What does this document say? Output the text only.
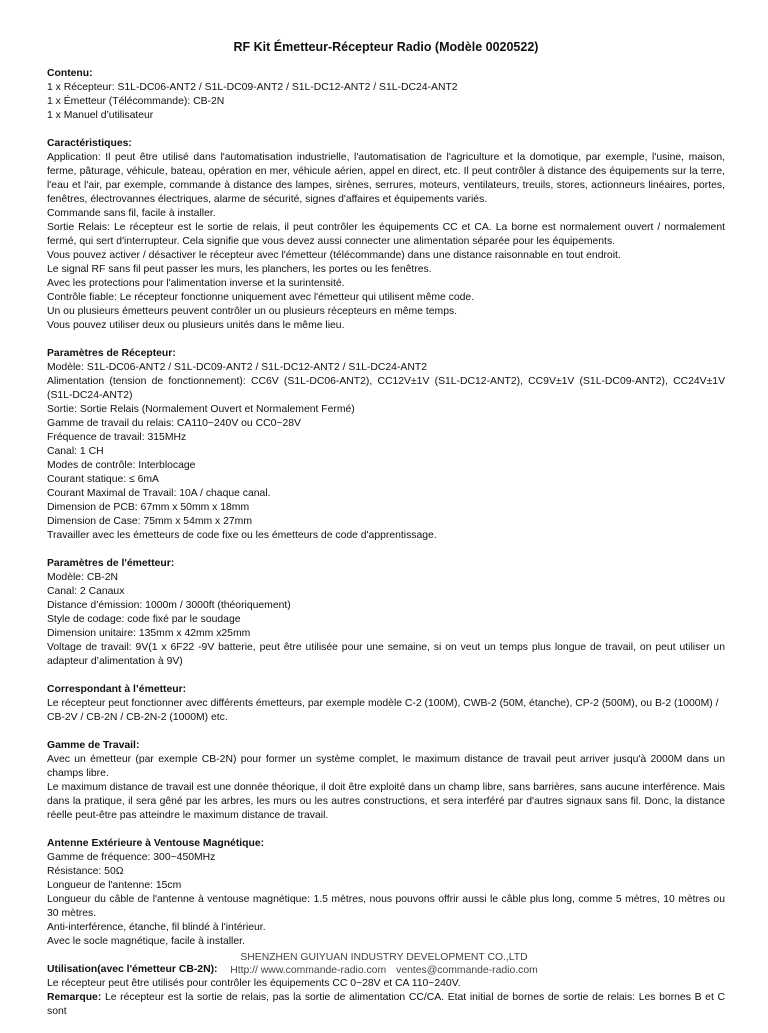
RF Kit Émetteur-Récepteur Radio (Modèle 0020522)
Contenu:
1 x Récepteur: S1L-DC06-ANT2 / S1L-DC09-ANT2 / S1L-DC12-ANT2 / S1L-DC24-ANT2
1 x Émetteur (Télécommande): CB-2N
1 x Manuel d’utilisateur
Caractéristiques:
Application: Il peut être utilisé dans l'automatisation industrielle, l'automatisation de l'agriculture et la domotique, par exemple, l'usine, maison, ferme, pâturage, véhicule, bateau, opération en mer, véhicule aérien, appel en direct, etc. Il peut contrôler à distance des équipements sur la terre, l'eau et l'air, par exemple, commande à distance des lampes, sirènes, serrures, moteurs, ventilateurs, treuils, stores, actionneurs linéaires, portes, fenêtres, électrovannes électriques, alarme de sécurité, signes d'affaires et équipements variés.
Commande sans fil, facile à installer.
Sortie Relais: Le récepteur est le sortie de relais, il peut contrôler les équipements CC et CA. La borne est normalement ouvert / normalement fermé, qui sert d'interrupteur. Cela signifie que vous devez aussi connecter une alimentation séparée pour les équipements.
Vous pouvez activer / désactiver le récepteur avec l'émetteur (télécommande) dans une distance raisonnable en tout endroit.
Le signal RF sans fil peut passer les murs, les planchers, les portes ou les fenêtres.
Avec les protections pour l'alimentation inverse et la surintensité.
Contrôle fiable: Le récepteur fonctionne uniquement avec l'émetteur qui utilisent même code.
Un ou plusieurs émetteurs peuvent contrôler un ou plusieurs récepteurs en même temps.
Vous pouvez utiliser deux ou plusieurs unités dans le même lieu.
Paramètres de Récepteur:
Modèle: S1L-DC06-ANT2 / S1L-DC09-ANT2 / S1L-DC12-ANT2 / S1L-DC24-ANT2
Alimentation (tension de fonctionnement): CC6V (S1L-DC06-ANT2), CC12V±1V (S1L-DC12-ANT2), CC9V±1V (S1L-DC09-ANT2), CC24V±1V (S1L-DC24-ANT2)
Sortie: Sortie Relais (Normalement Ouvert et Normalement Fermé)
Gamme de travail du relais: CA110~240V ou CC0~28V
Fréquence de travail: 315MHz
Canal: 1 CH
Modes de contrôle: Interblocage
Courant statique: ≤ 6mA
Courant Maximal de Travail: 10A / chaque canal.
Dimension de PCB: 67mm x 50mm x 18mm
Dimension de Case: 75mm x 54mm x 27mm
Travailler avec les émetteurs de code fixe ou les émetteurs de code d'apprentissage.
Paramètres de l'émetteur:
Modèle: CB-2N
Canal: 2 Canaux
Distance d’émission: 1000m / 3000ft (théoriquement)
Style de codage: code fixé par le soudage
Dimension unitaire: 135mm x 42mm x25mm
Voltage de travail: 9V(1 x 6F22 -9V batterie, peut être utilisée pour une semaine, si on veut un temps plus longue de travail, on peut utiliser un adapteur d’alimentation à 9V)
Correspondant à l’émetteur:
Le récepteur peut fonctionner avec différents émetteurs, par exemple modèle C-2 (100M), CWB-2 (50M, étanche), CP-2 (500M), ou B-2 (1000M) / CB-2V / CB-2N / CB-2N-2 (1000M) etc.
Gamme de Travail:
Avec un émetteur (par exemple CB-2N) pour former un système complet, le maximum distance de travail peut arriver jusqu'à 2000M dans un champs libre.
Le maximum distance de travail est une donnée théorique, il doit être exploité dans un champ libre, sans barrières, sans aucune interférence. Mais dans la pratique, il sera gêné par les arbres, les murs ou les autres constructions, et sera interféré par d'autres signaux sans fil. Donc, la distance réelle peut-être pas atteindre le maximum distance de travail.
Antenne Extérieure à Ventouse Magnétique:
Gamme de fréquence: 300~450MHz
Résistance: 50Ω
Longueur de l'antenne: 15cm
Longueur du câble de l'antenne à ventouse magnétique: 1.5 mètres, nous pouvons offrir aussi le câble plus long, comme 5 mètres, 10 mètres ou 30 mètres.
Anti-interférence, étanche, fil blindé à l'intérieur.
Avec le socle magnétique, facile à installer.
Utilisation(avec l'émetteur CB-2N):
Le récepteur peut être utilisés pour contrôler les équipements CC 0~28V et CA 110~240V.
Remarque: Le récepteur est la sortie de relais, pas la sortie de alimentation CC/CA. Etat initial de bornes de sortie de relais: Les bornes B et C sont
SHENZHEN GUIYUAN INDUSTRY DEVELOPMENT CO.,LTD
Http:// www.commande-radio.com ventes@commande-radio.com
